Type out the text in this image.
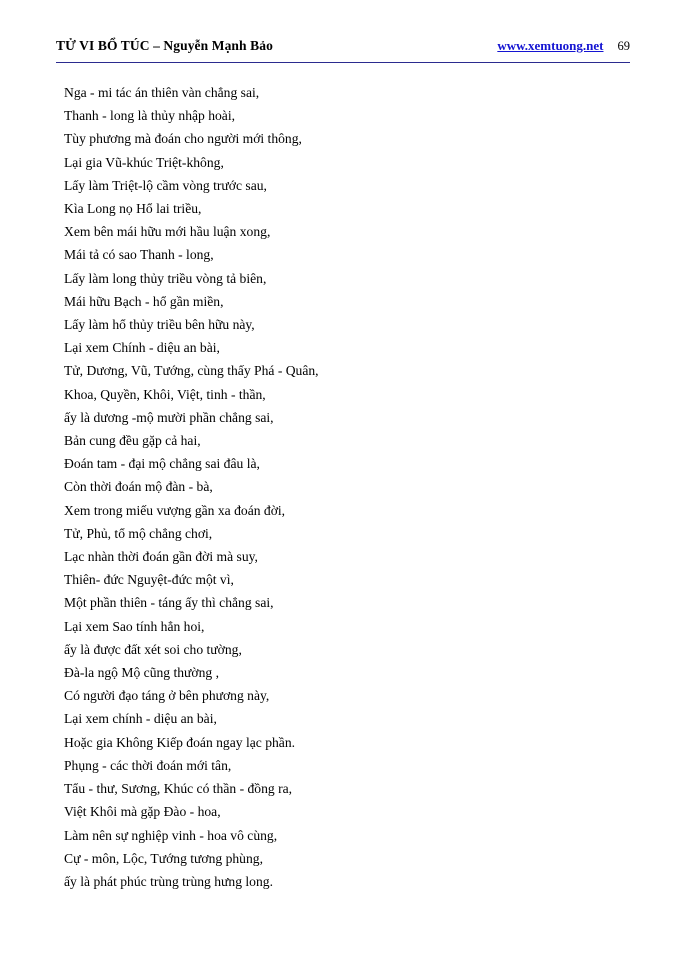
TỬ VI BỔ TÚC – Nguyễn Mạnh Bảo	www.xemtuong.net 69
Nga - mi tác án thiên vàn chẳng sai,
Thanh - long là thủy nhập hoài,
Tùy phương mà đoán cho người mới thông,
Lại gia Vũ-khúc Triệt-không,
Lấy làm Triệt-lộ cầm vòng trước sau,
Kìa Long nọ Hổ lai triều,
Xem bên mái hữu mới hầu luận xong,
Mái tả có sao Thanh - long,
Lấy làm long thủy triều vòng tả biên,
Mái hữu Bạch - hổ gần miền,
Lấy làm hổ thủy triều bên hữu này,
Lại xem Chính - diệu an bài,
Tử, Dương, Vũ, Tướng, cùng thấy Phá - Quân,
Khoa, Quyền, Khôi, Việt, tinh - thần,
ấy là dương -mộ mười phần chẳng sai,
Bản cung đều gặp cả hai,
Đoán tam - đại mộ chẳng sai đâu là,
Còn thời đoán mộ đàn - bà,
Xem trong miếu vượng gần xa đoán đời,
Tử, Phủ, tổ mộ chẳng chơi,
Lạc nhàn thời đoán gần đời mà suy,
Thiên- đức Nguyệt-đức một vì,
Một phần thiên - táng ấy thì chẳng sai,
Lại xem Sao tính hẳn hoi,
ấy là được đất xét soi cho tường,
Đà-la ngộ Mộ cũng thường ,
Có người đạo táng ở bên phương này,
Lại xem chính - diệu an bài,
Hoặc gia Không Kiếp đoán ngay lạc phần.
Phụng - các thời đoán mới tân,
Tẩu - thư, Sương, Khúc có thần - đồng ra,
Việt Khôi mà gặp Đào - hoa,
Làm nên sự nghiệp vinh - hoa vô cùng,
Cự - môn, Lộc, Tướng tương phùng,
ấy là phát phúc trùng trùng hưng long.
